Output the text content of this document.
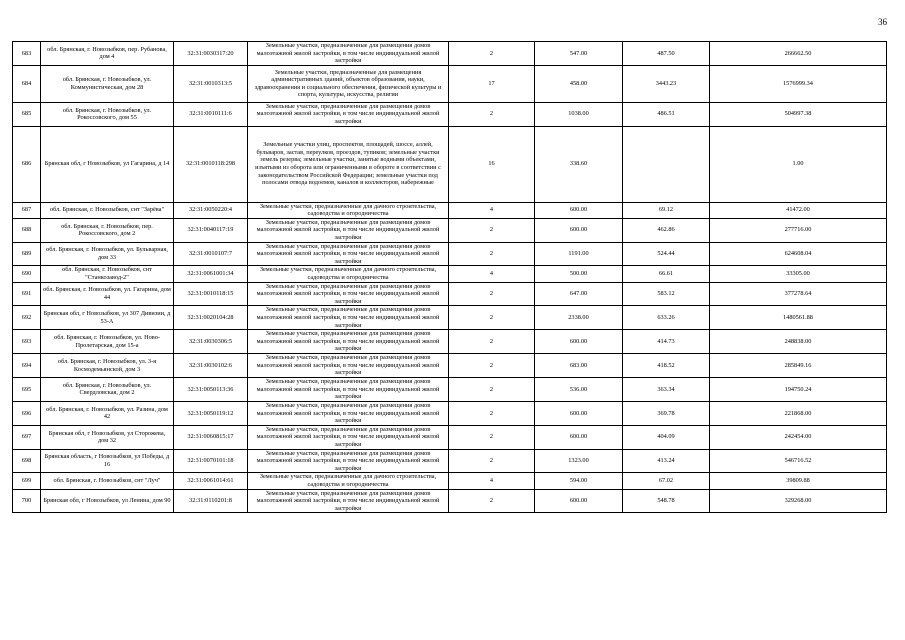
36
683	обл. Брянская, г. Новозыбков, пер. Рубанова, дом 4	32:31:0030317:20	Земельные участки, предназначенные для размещения домов малоэтажной жилой застройки, в том числе индивидуальной жилой застройки	2	547.00	487.50	266662.50
684	обл. Брянская, г. Новозыбков, ул. Коммунистическая, дом 28	32:31:0010313:5	Земельные участки, предназначенные для размещения административных зданий, объектов образования, науки, здравоохранения и социального обеспечения, физической культуры и спорта, культуры, искусства, религии	17	458.00	3443.23	1576999.34
685	обл. Брянская, г. Новозыбков, ул. Рокоссовского, дом 55	32:31:0010111:6	Земельные участки, предназначенные для размещения домов малоэтажной жилой застройки, в том числе индивидуальной жилой застройки	2	1038.00	486.51	504997.38
686	Брянская обл, г Новозыбков, ул Гагарина, д 14	32:31:0010118:298	Земельные участки улиц, проспектов, площадей, шоссе, аллей, бульваров, застав, переулков, проездов, тупиков; земельные участки земель резерва; земельные участки, занятые водными объектами, изъятыми из оборота или ограниченными в обороте в соответствии с законодательством Российской Федерации; земельные участки под полосами отвода водоемов, каналов и коллекторов, набережные	16	338.60		1.00
687	обл. Брянская, г. Новозыбков, снт "Зарёва"	32:31:0050220:4	Земельные участки, предназначенные для дачного строительства, садоводства и огородничества	4	600.00	69.12	41472.00
688	обл. Брянская, г. Новозыбков, пер. Рокоссовского, дом 2	32:31:0040117:19	Земельные участки, предназначенные для размещения домов малоэтажной жилой застройки, в том числе индивидуальной жилой застройки	2	600.00	462.86	277716.00
689	обл. Брянская, г. Новозыбков, ул. Бульварная, дом 33	32:31:0010107:7	Земельные участки, предназначенные для размещения домов малоэтажной жилой застройки, в том числе индивидуальной жилой застройки	2	1191.00	524.44	624608.04
690	обл. Брянская, г. Новозыбков, снт "Станкозавод-2"	32:31:0061001:34	Земельные участки, предназначенные для дачного строительства, садоводства и огородничества	4	500.00	66.61	33305.00
691	обл. Брянская, г. Новозыбков, ул. Гагарина, дом 44	32:31:0010118:15	Земельные участки, предназначенные для размещения домов малоэтажной жилой застройки, в том числе индивидуальной жилой застройки	2	647.00	583.12	377278.64
692	Брянская обл, г Новозыбков, ул 307 Дивизии, д 53-А	32:31:0020104:28	Земельные участки, предназначенные для размещения домов малоэтажной жилой застройки, в том числе индивидуальной жилой застройки	2	2338.00	633.26	1480561.88
693	обл. Брянская, г. Новозыбков, ул. Ново-Пролетарская, дом 15-а	32:31:0030306:5	Земельные участки, предназначенные для размещения домов малоэтажной жилой застройки, в том числе индивидуальной жилой застройки	2	600.00	414.73	248838.00
694	обл. Брянская, г. Новозыбков, ул. 3-я Космодемьянской, дом 3	32:31:0030102:6	Земельные участки, предназначенные для размещения домов малоэтажной жилой застройки, в том числе индивидуальной жилой застройки	2	683.00	418.52	285849.16
695	обл. Брянская, г. Новозыбков, ул. Свердловская, дом 2	32:31:0050113:36	Земельные участки, предназначенные для размещения домов малоэтажной жилой застройки, в том числе индивидуальной жилой застройки	2	536.00	363.34	194750.24
696	обл. Брянская, г. Новозыбков, ул. Разина, дом 42	32:31:0050119:12	Земельные участки, предназначенные для размещения домов малоэтажной жилой застройки, в том числе индивидуальной жилой застройки	2	600.00	369.78	221868.00
697	Брянская обл, г Новозыбков, ул Сторожева, дом 32	32:31:0060815:17	Земельные участки, предназначенные для размещения домов малоэтажной жилой застройки, в том числе индивидуальной жилой застройки	2	600.00	404.09	242454.00
698	Брянская область, г Новозыбков, ул Победы, д 16	32:31:0070101:18	Земельные участки, предназначенные для размещения домов малоэтажной жилой застройки, в том числе индивидуальной жилой застройки	2	1323.00	413.24	546716.52
699	обл. Брянская, г. Новозыбков, снт "Луч"	32:31:0061014:61	Земельные участки, предназначенные для дачного строительства, садоводства и огородничества	4	594.00	67.02	39809.88
700	Брянская обл, г Новозыбков, ул Ленина, дом 90	32:31:0110201:8	Земельные участки, предназначенные для размещения домов малоэтажной жилой застройки, в том числе индивидуальной жилой застройки	2	600.00	548.78	329268.00
